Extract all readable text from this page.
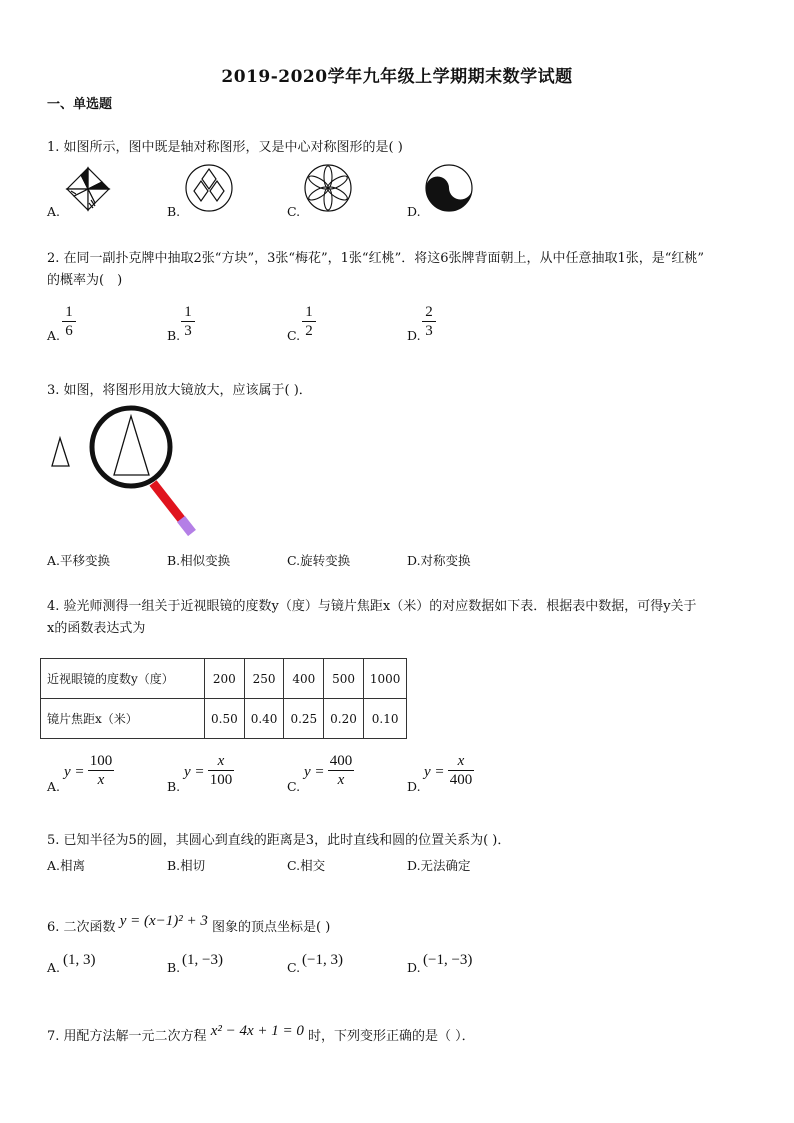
2019-2020学年九年级上学期期末数学试题
一、单选题
1. 如图所示，图中既是轴对称图形，又是中心对称图形的是( )
A.	B.	C.	D.
2. 在同一副扑克牌中抽取2张“方块”，3张“梅花”，1张“红桃”．将这6张牌背面朝上，从中任意抽取1张，是“红桃”
的概率为(　)
A.
1
6	B.
1
3	C.
1
2	D.
2
3
3. 如图，将图形用放大镜放大，应该属于( )．
A.平移变换	B.相似变换	C.旋转变换	D.对称变换
4. 验光师测得一组关于近视眼镜的度数y（度）与镜片焦距x（米）的对应数据如下表．根据表中数据，可得y关于
x的函数表达式为
近视眼镜的度数y（度）	200	250	400	500	1000
镜片焦距x（米）	0.50	0.40	0.25	0.20	0.10
A.
y =
100
x	B.
y =
x
100	C.
y =
400
x	D.
y =
x
400
5. 已知半径为5的圆，其圆心到直线的距离是3，此时直线和圆的位置关系为( )．
A.相离	B.相切	C.相交	D.无法确定
6. 二次函数 y = (x−1)² + 3 图象的顶点坐标是( )
A. (1, 3)	B. (1, −3)	C. (−1, 3)	D. (−1, −3)
7. 用配方法解一元二次方程 x² − 4x + 1 = 0 时，下列变形正确的是（ ）．
